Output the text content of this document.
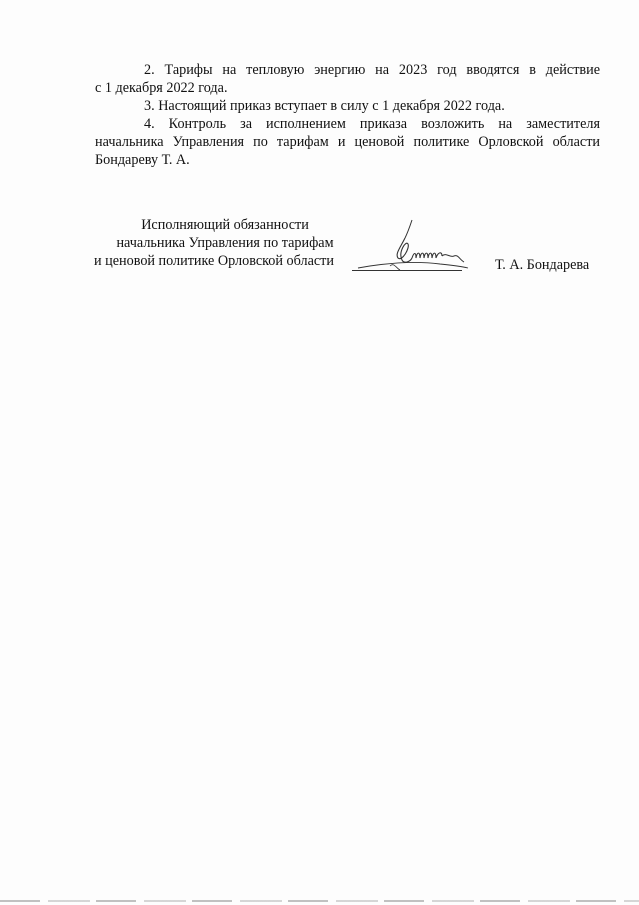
2. Тарифы на тепловую энергию на 2023 год вводятся в действие
с 1 декабря 2022 года.

3. Настоящий приказ вступает в силу с 1 декабря 2022 года.

4. Контроль за исполнением приказа возложить на заместителя
начальника Управления по тарифам и ценовой политике Орловской области
Бондареву Т. А.

Исполняющий обязанности
начальника Управления по тарифам
и ценовой политике Орловской области	Т. А. Бондарева
